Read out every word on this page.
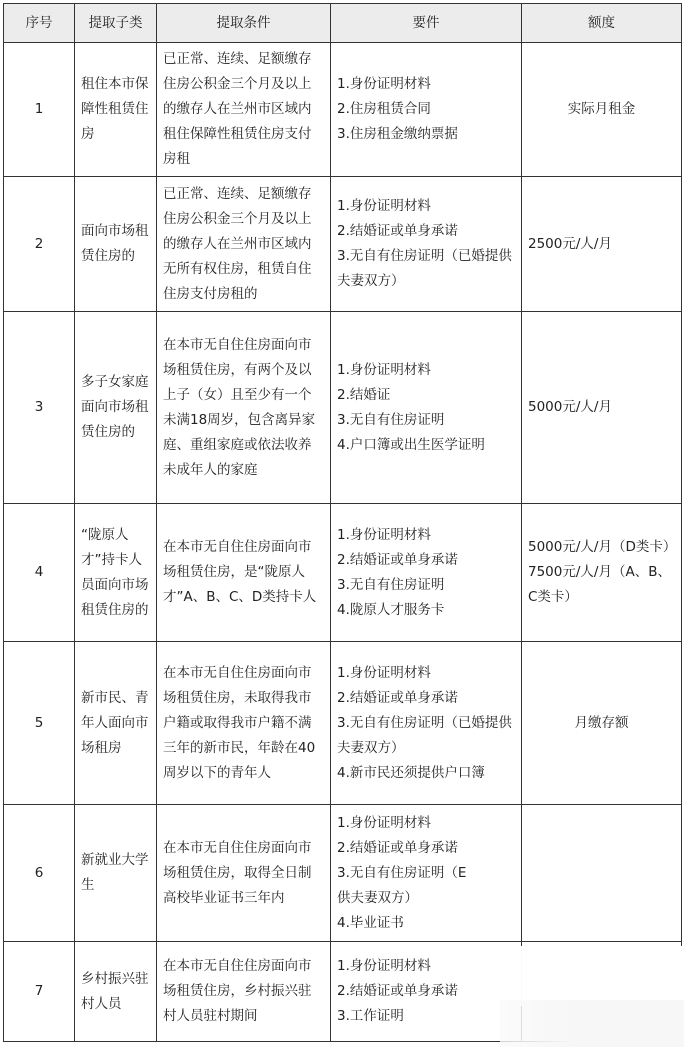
序号	提取子类	提取条件	要件	额度
1	租住本市保障性租赁住房	已正常、连续、足额缴存住房公积金三个月及以上的缴存人在兰州市区域内租住保障性租赁住房支付房租	1.身份证明材料
2.住房租赁合同
3.住房租金缴纳票据	实际月租金

2	面向市场租赁住房的	已正常、连续、足额缴存住房公积金三个月及以上的缴存人在兰州市区域内无所有权住房，租赁自住住房支付房租的	1.身份证明材料
2.结婚证或单身承诺
3.无自有住房证明（已婚提供夫妻双方）	2500元/人/月

3	多子女家庭面向市场租赁住房的	在本市无自住住房面向市场租赁住房，有两个及以上子（女）且至少有一个未满18周岁，包含离异家庭、重组家庭或依法收养未成年人的家庭	1.身份证明材料
2.结婚证
3.无自有住房证明
4.户口簿或出生医学证明	5000元/人/月

4	“陇原人才”持卡人员面向市场租赁住房的	在本市无自住住房面向市场租赁住房，是“陇原人才”A、B、C、D类持卡人	1.身份证明材料
2.结婚证或单身承诺
3.无自有住房证明
4.陇原人才服务卡	5000元/人/月（D类卡）
7500元/人/月（A、B、C类卡）

5	新市民、青年人面向市场租房	在本市无自住住房面向市场租赁住房，未取得我市户籍或取得我市户籍不满三年的新市民，年龄在40周岁以下的青年人	1.身份证明材料
2.结婚证或单身承诺
3.无自有住房证明（已婚提供夫妻双方）
4.新市民还须提供户口簿	月缴存额

6	新就业大学生	在本市无自住住房面向市场租赁住房，取得全日制高校毕业证书三年内	1.身份证明材料
2.结婚证或单身承诺
3.无自有住房证明（E
供夫妻双方）
4.毕业证书	

7	乡村振兴驻村人员	在本市无自住住房面向市场租赁住房，乡村振兴驻村人员驻村期间	1.身份证明材料
2.结婚证或单身承诺
3.工作证明	
